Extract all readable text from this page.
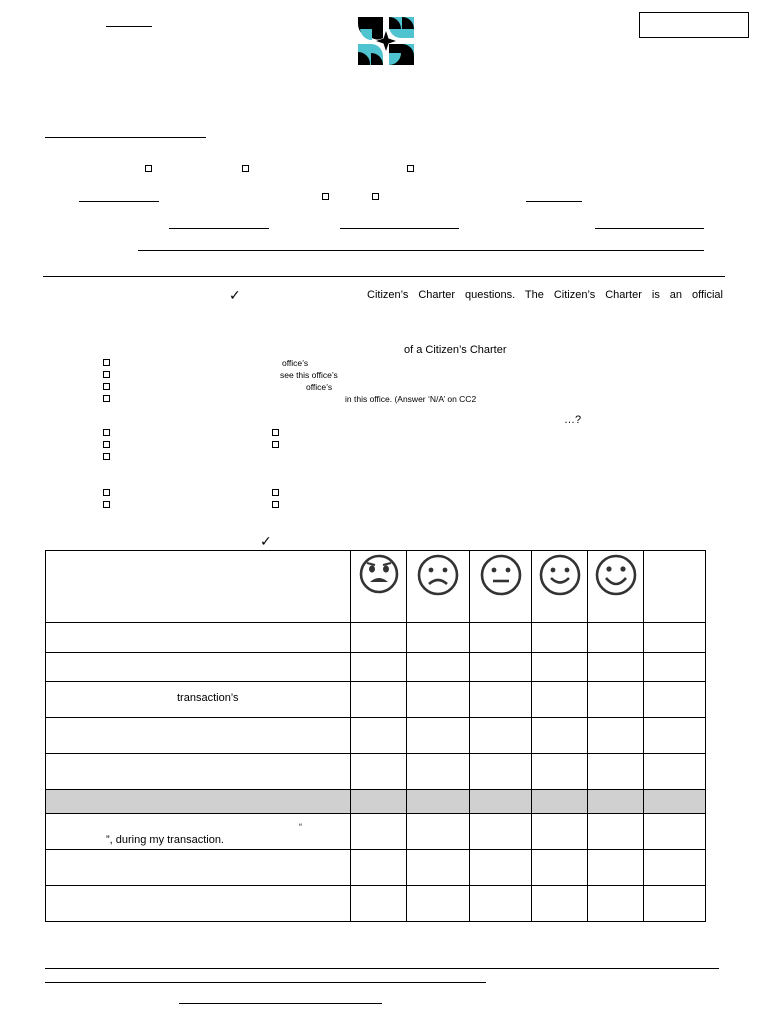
✓	Citizen’s Charter questions. The Citizen’s Charter is an official
of a Citizen’s Charter
office’s
see this office’s
office’s
in this office. (Answer ‘N/A’ on CC2
…?
✓

transaction’s						

“
”, during my transaction.						
